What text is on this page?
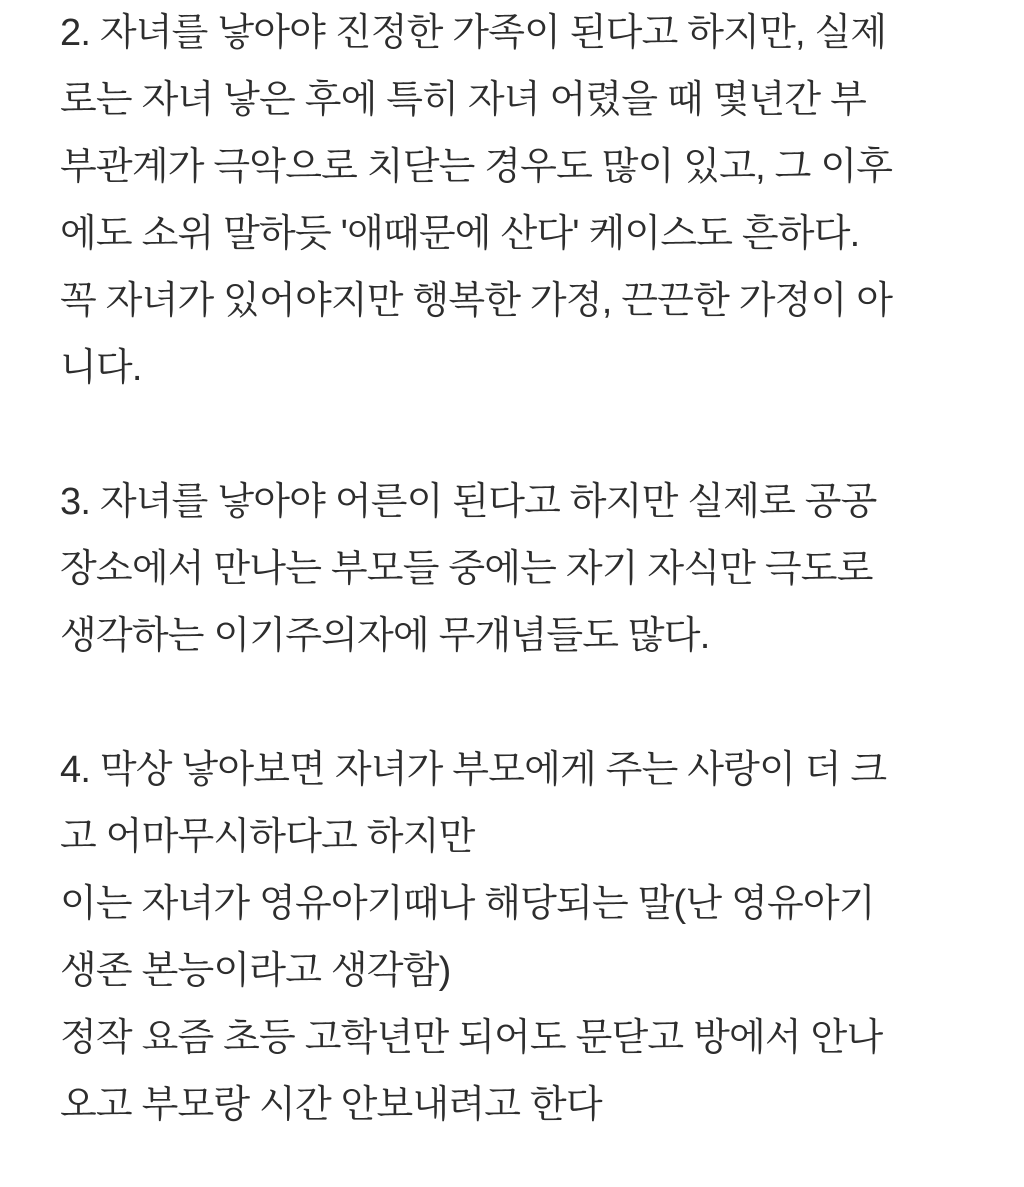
2. 자녀를 낳아야 진정한 가족이 된다고 하지만, 실제
로는 자녀 낳은 후에 특히 자녀 어렸을 때 몇년간 부
부관계가 극악으로 치닫는 경우도 많이 있고, 그 이후
에도 소위 말하듯 '애때문에 산다' 케이스도 흔하다.
꼭 자녀가 있어야지만 행복한 가정, 끈끈한 가정이 아
니다.
3. 자녀를 낳아야 어른이 된다고 하지만 실제로 공공
장소에서 만나는 부모들 중에는 자기 자식만 극도로
생각하는 이기주의자에 무개념들도 많다.
4. 막상 낳아보면 자녀가 부모에게 주는 사랑이 더 크
고 어마무시하다고 하지만
이는 자녀가 영유아기때나 해당되는 말(난 영유아기
생존 본능이라고 생각함)
정작 요즘 초등 고학년만 되어도 문닫고 방에서 안나
오고 부모랑 시간 안보내려고 한다
